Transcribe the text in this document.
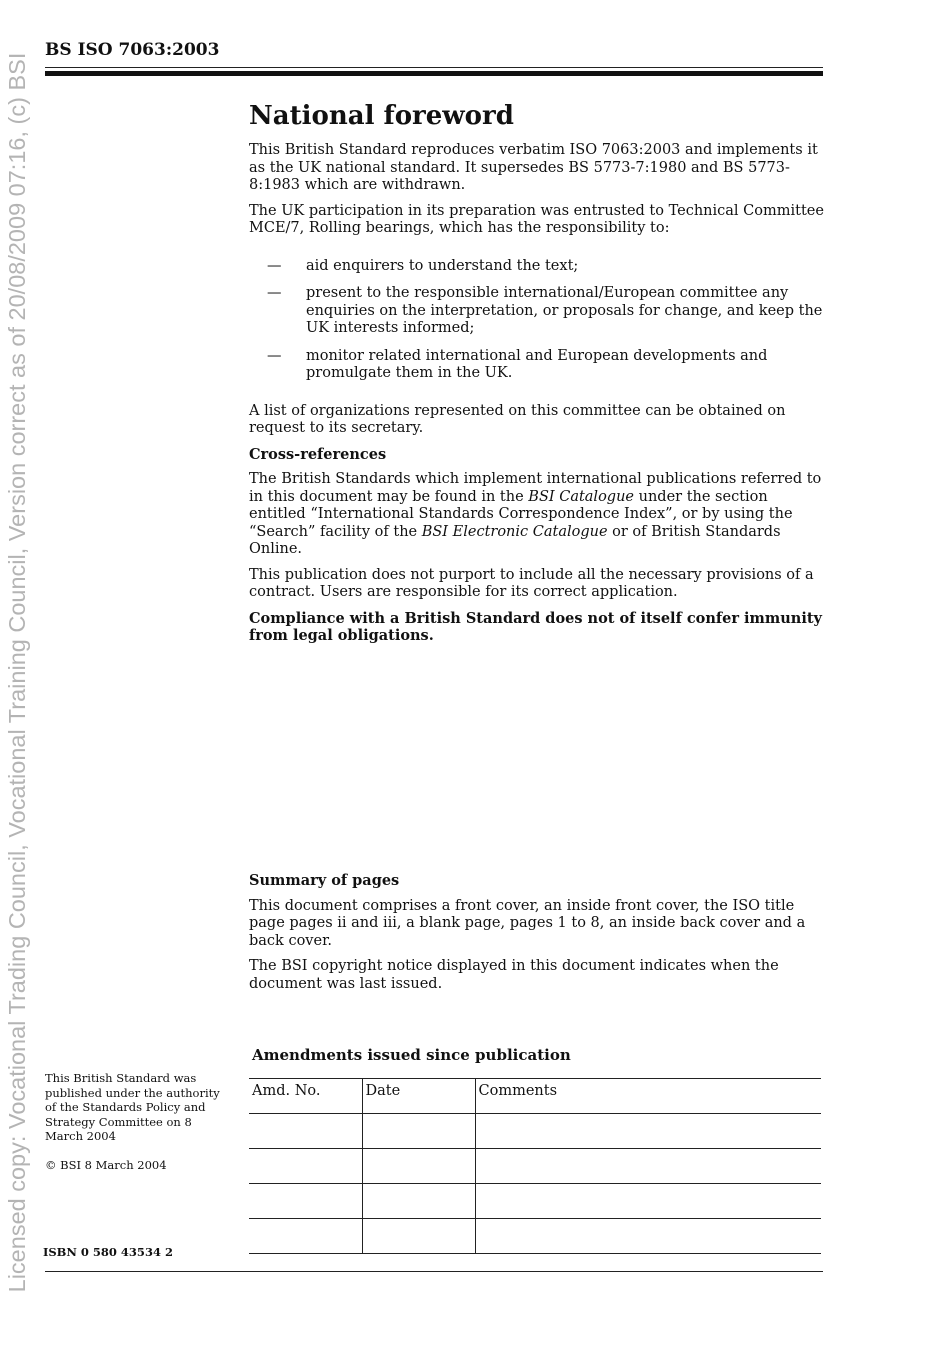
Licensed copy: Vocational Trading Council, Vocational Training Council, Version correct as of 20/08/2009 07:16, (c) BSI
BS ISO 7063:2003
National foreword

This British Standard reproduces verbatim ISO 7063:2003 and implements it as the UK national standard. It supersedes BS 5773-7:1980 and BS 5773-8:1983 which are withdrawn.

The UK participation in its preparation was entrusted to Technical Committee MCE/7, Rolling bearings, which has the responsibility to:

— aid enquirers to understand the text;
— present to the responsible international/European committee any enquiries on the interpretation, or proposals for change, and keep the UK interests informed;
— monitor related international and European developments and promulgate them in the UK.

A list of organizations represented on this committee can be obtained on request to its secretary.

Cross-references

The British Standards which implement international publications referred to in this document may be found in the BSI Catalogue under the section entitled “International Standards Correspondence Index”, or by using the “Search” facility of the BSI Electronic Catalogue or of British Standards Online.

This publication does not purport to include all the necessary provisions of a contract. Users are responsible for its correct application.

Compliance with a British Standard does not of itself confer immunity from legal obligations.

Summary of pages

This document comprises a front cover, an inside front cover, the ISO title page pages ii and iii, a blank page, pages 1 to 8, an inside back cover and a back cover.

The BSI copyright notice displayed in this document indicates when the document was last issued.

This British Standard was published under the authority of the Standards Policy and Strategy Committee on 8 March 2004

© BSI 8 March 2004

ISBN 0 580 43534 2
Amendments issued since publication
Amd. No.	Date	Comments
